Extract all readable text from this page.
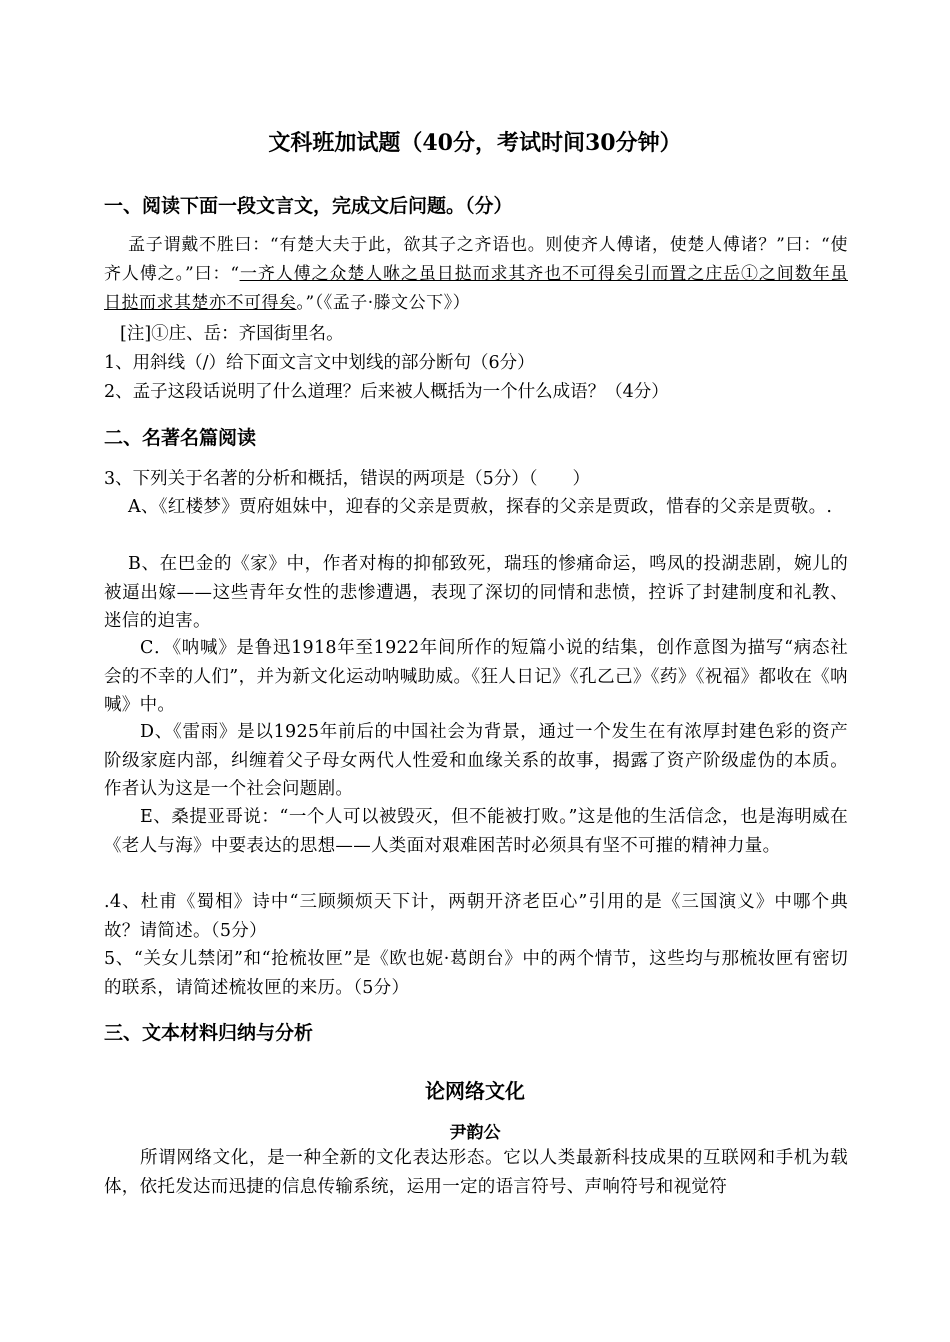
文科班加试题（40分，考试时间30分钟）
一、阅读下面一段文言文，完成文后问题。（分）
孟子谓戴不胜曰：“有楚大夫于此，欲其子之齐语也。则使齐人傅诸，使楚人傅诸？”曰：“使齐人傅之。”曰：“一齐人傅之众楚人咻之虽日挞而求其齐也不可得矣引而置之庄岳①之间数年虽日挞而求其楚亦不可得矣。”（《孟子·滕文公下》）
[注]①庄、岳：齐国街里名。
1、用斜线（/）给下面文言文中划线的部分断句（6分）
2、孟子这段话说明了什么道理？后来被人概括为一个什么成语？（4分）
二、名著名篇阅读
3、下列关于名著的分析和概括，错误的两项是（5分）（　　）
A、《红楼梦》贾府姐妹中，迎春的父亲是贾赦，探春的父亲是贾政，惜春的父亲是贾敬。.
B、在巴金的《家》中，作者对梅的抑郁致死，瑞珏的惨痛命运，鸣凤的投湖悲剧，婉儿的被逼出嫁——这些青年女性的悲惨遭遇，表现了深切的同情和悲愤，控诉了封建制度和礼教、迷信的迫害。
C．《呐喊》是鲁迅1918年至1922年间所作的短篇小说的结集，创作意图为描写“病态社会的不幸的人们”，并为新文化运动呐喊助威。《狂人日记》《孔乙己》《药》《祝福》都收在《呐喊》中。
D、《雷雨》是以1925年前后的中国社会为背景，通过一个发生在有浓厚封建色彩的资产阶级家庭内部，纠缠着父子母女两代人性爱和血缘关系的故事，揭露了资产阶级虚伪的本质。作者认为这是一个社会问题剧。
E、桑提亚哥说：“一个人可以被毁灭，但不能被打败。”这是他的生活信念，也是海明威在《老人与海》中要表达的思想——人类面对艰难困苦时必须具有坚不可摧的精神力量。
.4、杜甫《蜀相》诗中“三顾频烦天下计，两朝开济老臣心”引用的是《三国演义》中哪个典故？请简述。（5分）
5、“关女儿禁闭”和“抢梳妆匣”是《欧也妮·葛朗台》中的两个情节，这些均与那梳妆匣有密切的联系，请简述梳妆匣的来历。（5分）
三、文本材料归纳与分析
论网络文化
尹韵公
所谓网络文化，是一种全新的文化表达形态。它以人类最新科技成果的互联网和手机为载体，依托发达而迅捷的信息传输系统，运用一定的语言符号、声响符号和视觉符
